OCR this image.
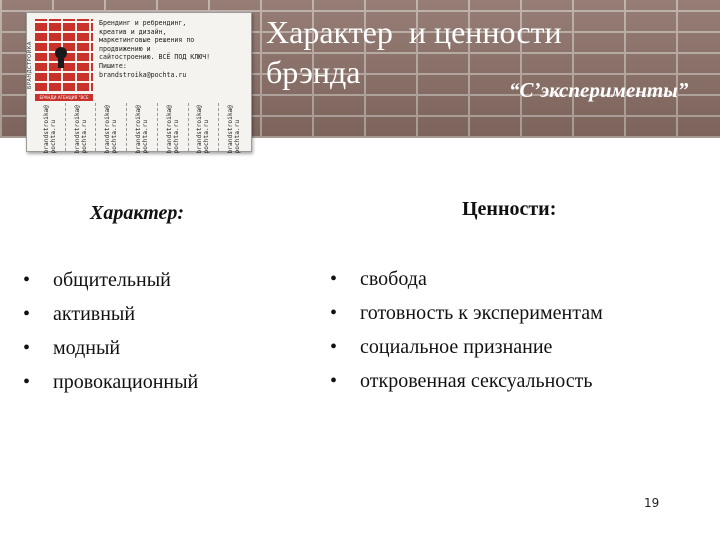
БРАНДСТРОЙКА
БРАНДИ АГЕНЦИЯ "ВСЕ ПАБУ"
Брендинг и ребрендинг,
креатив и дизайн,
маркетинговые решения по
продвижению и
сайтостроению. ВСЁ ПОД КЛЮЧ!
Пишите:
brandstroika@pochta.ru
brandstroika@
pochta.ru	brandstroika@
pochta.ru	brandstroika@
pochta.ru	brandstroika@
pochta.ru	brandstroika@
pochta.ru	brandstroika@
pochta.ru	brandstroika@
pochta.ru
Характер  и ценности
брэнда	“С’эксперименты”
Характер:
• общительный
• активный
• модный
• провокационный
Ценности:
• свобода
• готовность к экспериментам
• социальное признание
• откровенная сексуальность
19
